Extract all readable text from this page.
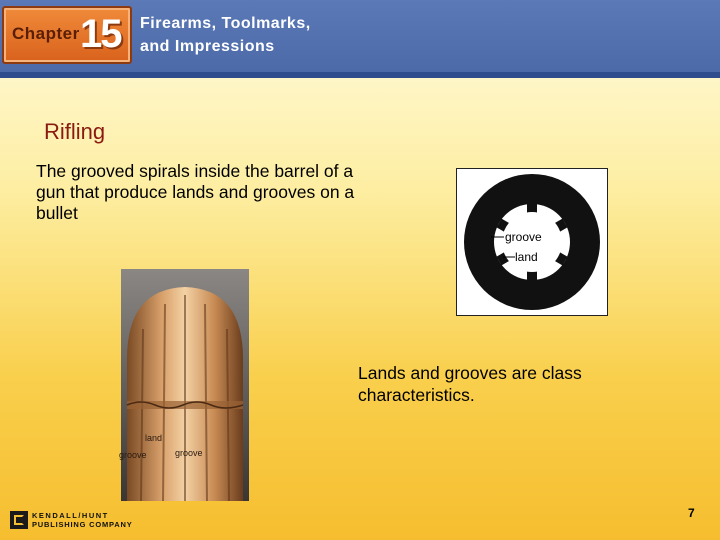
Chapter 15 Firearms, Toolmarks,
and Impressions
Rifling
The grooved spirals inside the barrel of a gun that produce lands and grooves on a bullet
groove
land
land
groove	groove
Lands and grooves are class characteristics.
KENDALL/HUNT
PUBLISHING COMPANY
7
